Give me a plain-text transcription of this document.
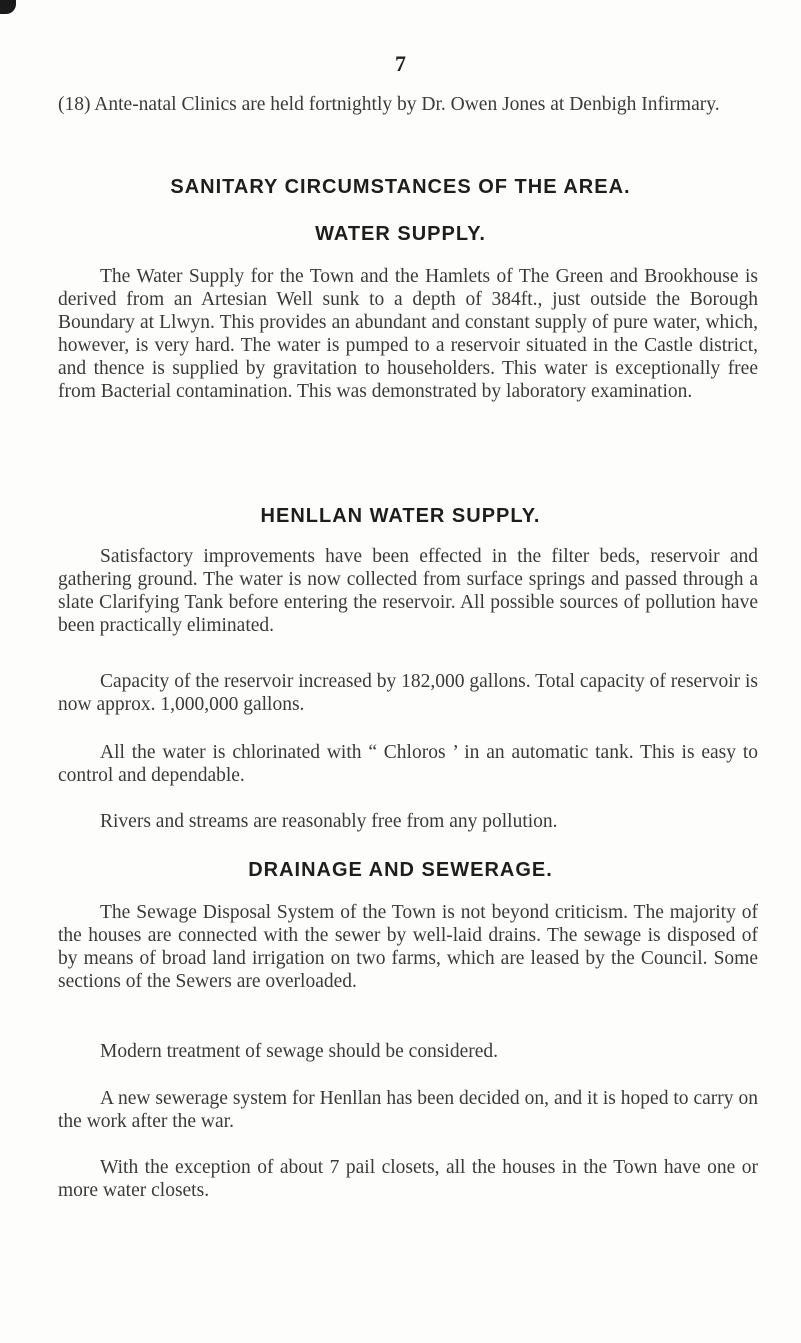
7

(18) Ante-natal Clinics are held fortnightly by Dr. Owen Jones at Denbigh Infirmary.

SANITARY CIRCUMSTANCES OF THE AREA.
WATER SUPPLY.

The Water Supply for the Town and the Hamlets of The Green and Brookhouse is derived from an Artesian Well sunk to a depth of 384ft., just outside the Borough Boundary at Llwyn. This provides an abundant and constant supply of pure water, which, however, is very hard. The water is pumped to a reservoir situated in the Castle district, and thence is supplied by gravitation to householders. This water is exceptionally free from Bacterial contamination. This was demonstrated by laboratory examination.

HENLLAN WATER SUPPLY.

Satisfactory improvements have been effected in the filter beds, reservoir and gathering ground. The water is now collected from surface springs and passed through a slate Clarifying Tank before entering the reservoir. All possible sources of pollution have been practically eliminated.

Capacity of the reservoir increased by 182,000 gallons. Total capacity of reservoir is now approx. 1,000,000 gallons.

All the water is chlorinated with “ Chloros ’ in an automatic tank. This is easy to control and dependable.

Rivers and streams are reasonably free from any pollution.

DRAINAGE AND SEWERAGE.

The Sewage Disposal System of the Town is not beyond criticism. The majority of the houses are connected with the sewer by well-laid drains. The sewage is disposed of by means of broad land irrigation on two farms, which are leased by the Council. Some sections of the Sewers are overloaded.

Modern treatment of sewage should be considered.

A new sewerage system for Henllan has been decided on, and it is hoped to carry on the work after the war.

With the exception of about 7 pail closets, all the houses in the Town have one or more water closets.
